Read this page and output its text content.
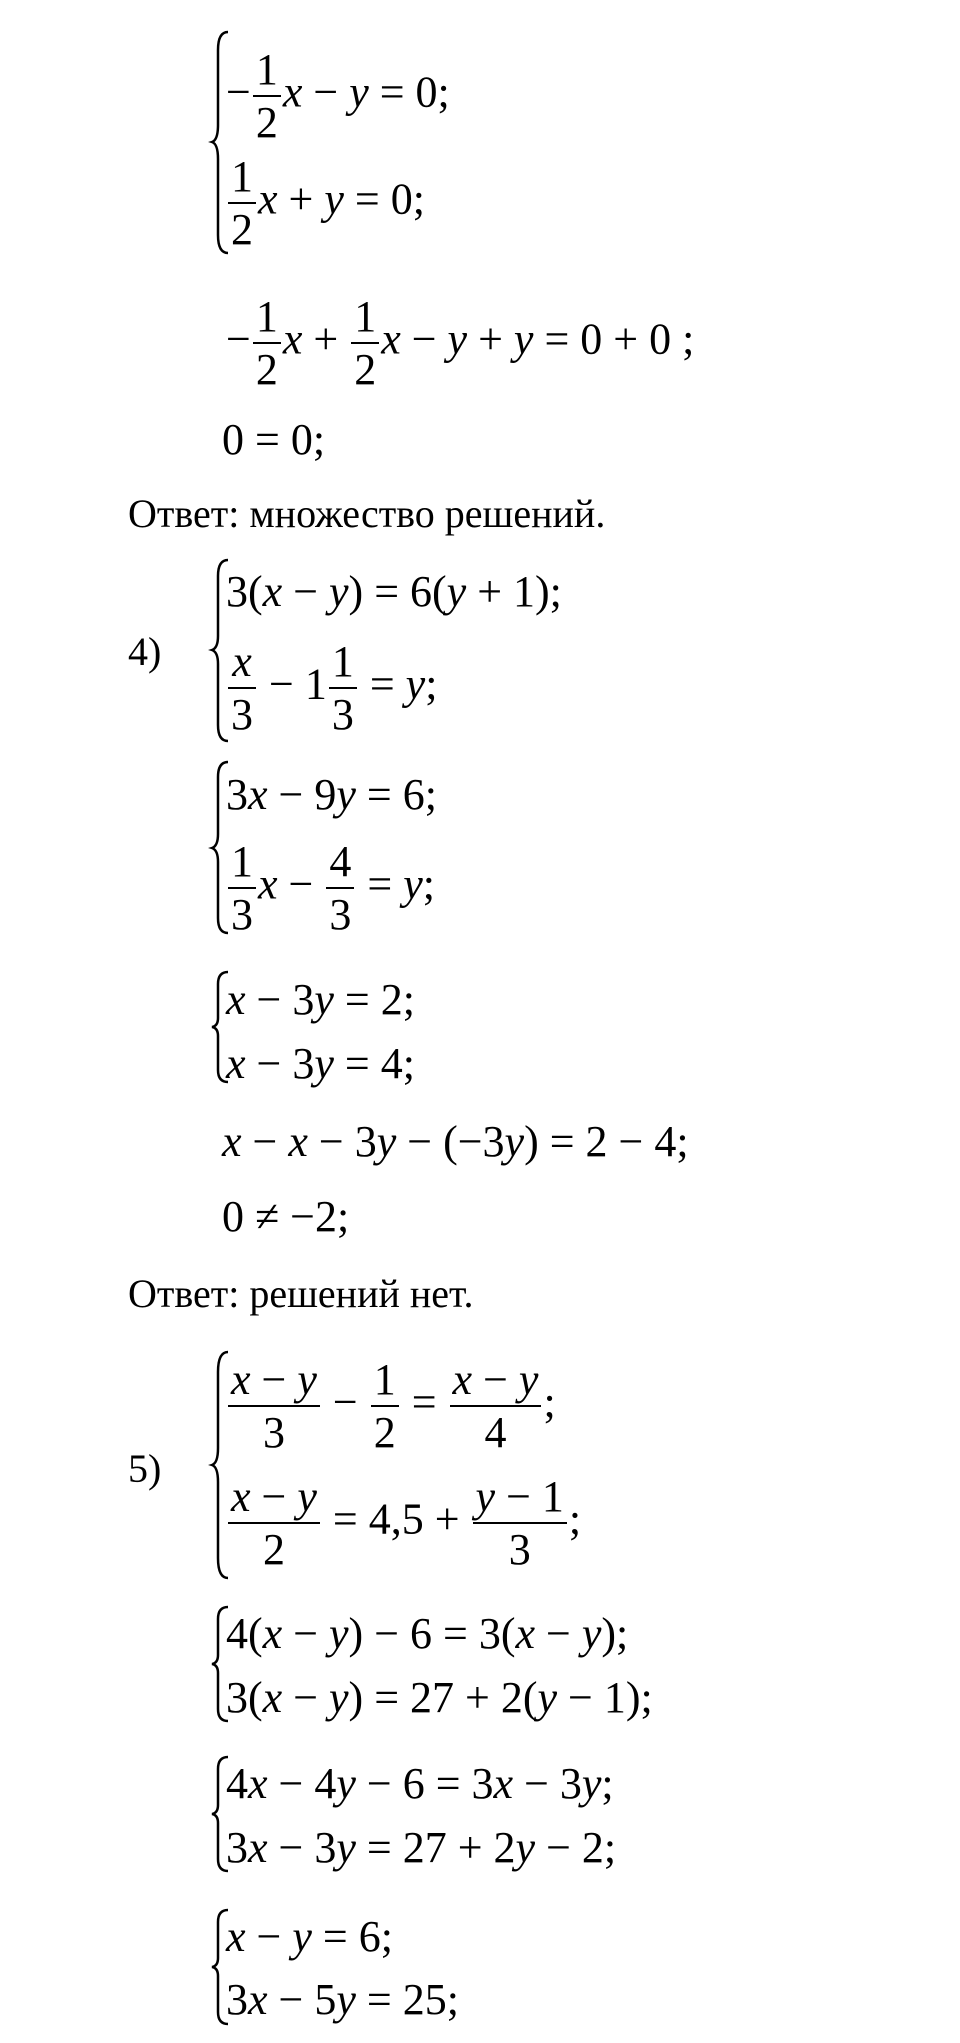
− $\frac{1}{2}$ x − y = 0;
$\frac{1}{2}$ x + y = 0;
− $\frac{1}{2}$ $x + \frac{1}{2}$ x − y + y = 0 + 0 ;
0 = 0;
Ответ: множество решений.
4)
3(x − y) = 6(y + 1);
$\frac{x}{3} - 1 \frac{1}{3} = y$;
3x − 9y = 6;
$\frac{1}{3}$ $x - \frac{4}{3} = y$;
x − 3y = 2;
x − 3y = 4;
x − x − 3y − (−3y) = 2 − 4;
0 ≠ −2;
Ответ: решений нет.
5)
$\frac{x - y}{3} - \frac{1}{2} = \frac{x - y}{4}$ ;
$\frac{x - y}{2} = 4,5 + \frac{y - 1}{3}$ ;
4(x − y) − 6 = 3(x − y);
3(x − y) = 27 + 2(y − 1);
4x − 4y − 6 = 3x − 3y;
3x − 3y = 27 + 2y − 2;
x − y = 6;
3x − 5y = 25;
